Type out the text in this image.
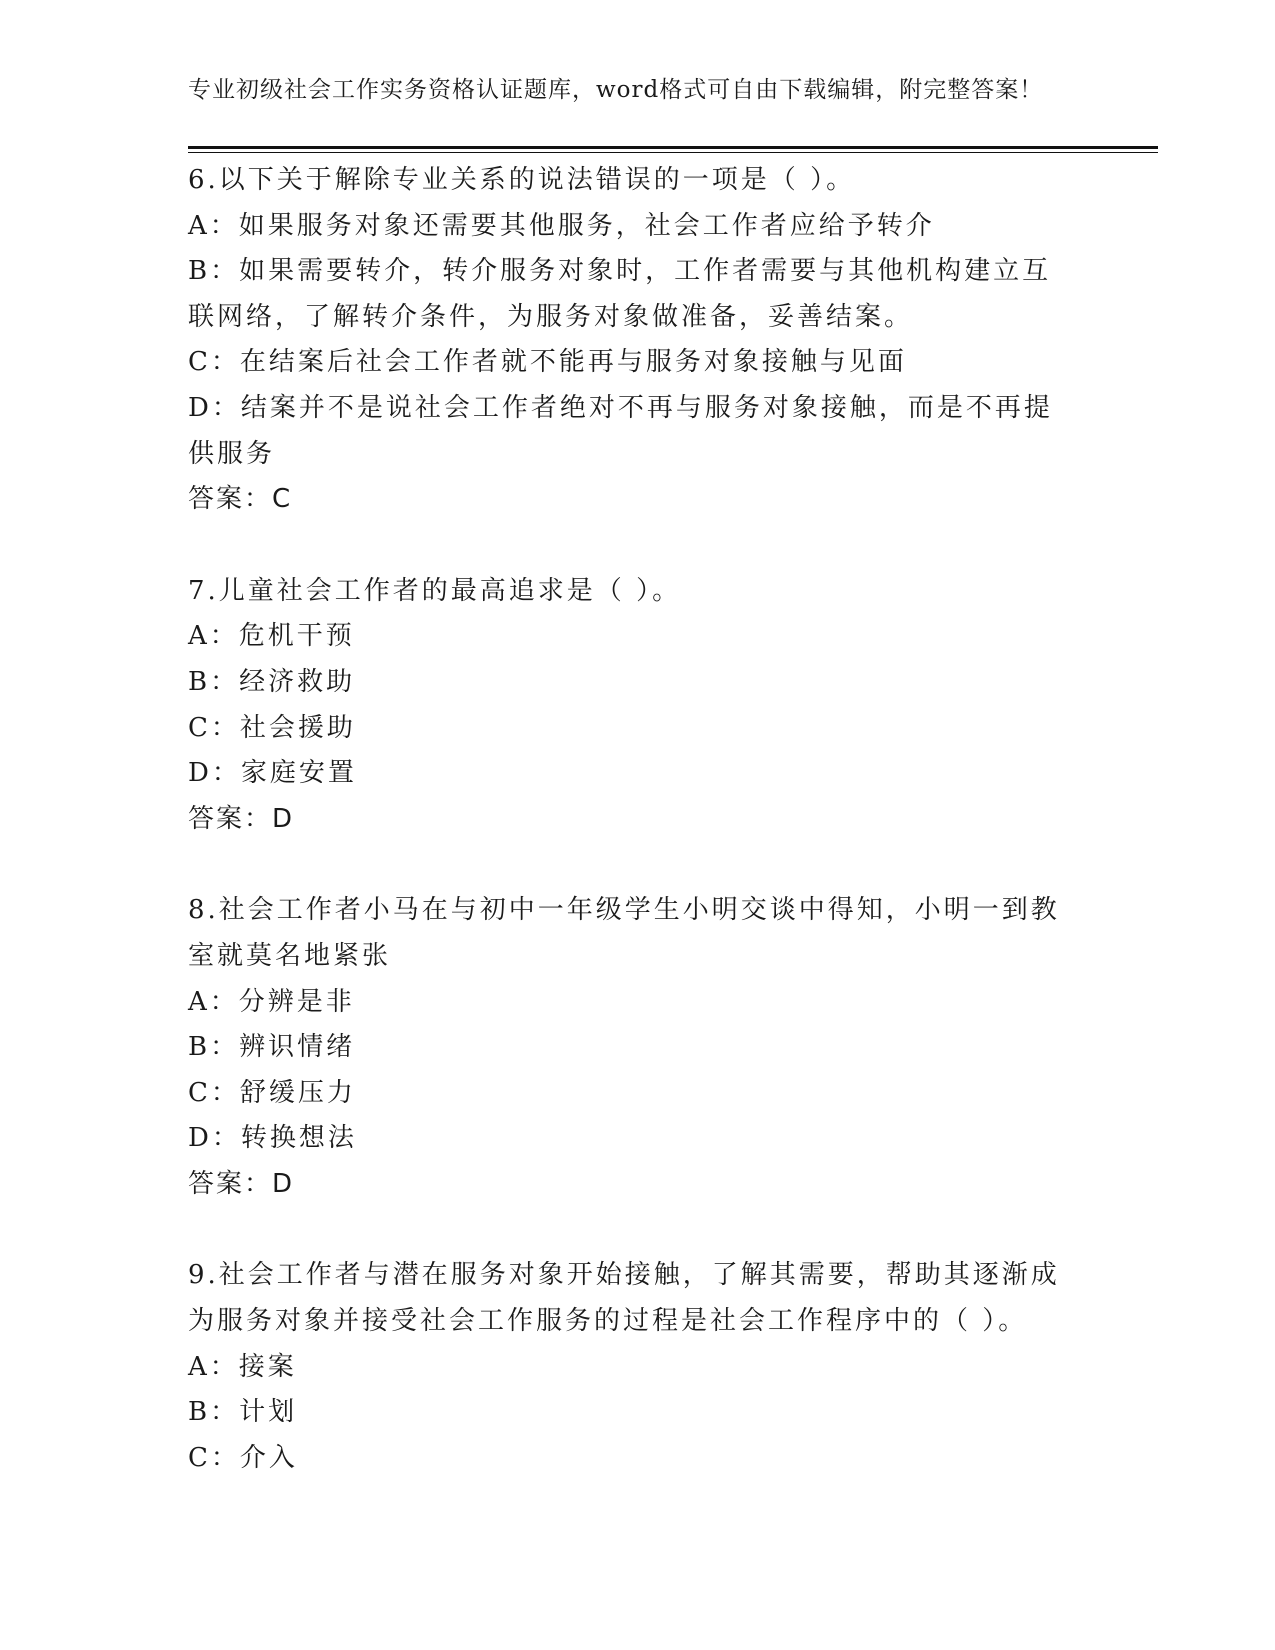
专业初级社会工作实务资格认证题库，word格式可自由下载编辑，附完整答案！

6.以下关于解除专业关系的说法错误的一项是（ ）。

A：如果服务对象还需要其他服务，社会工作者应给予转介

B：如果需要转介，转介服务对象时，工作者需要与其他机构建立互联网络，了解转介条件，为服务对象做准备，妥善结案。

C：在结案后社会工作者就不能再与服务对象接触与见面

D：结案并不是说社会工作者绝对不再与服务对象接触，而是不再提供服务

答案：C

7.儿童社会工作者的最高追求是（ ）。

A：危机干预

B：经济救助

C：社会援助

D：家庭安置

答案：D

8.社会工作者小马在与初中一年级学生小明交谈中得知，小明一到教室就莫名地紧张

A：分辨是非

B：辨识情绪

C：舒缓压力

D：转换想法

答案：D

9.社会工作者与潜在服务对象开始接触，了解其需要，帮助其逐渐成为服务对象并接受社会工作服务的过程是社会工作程序中的（ ）。

A：接案

B：计划

C：介入
